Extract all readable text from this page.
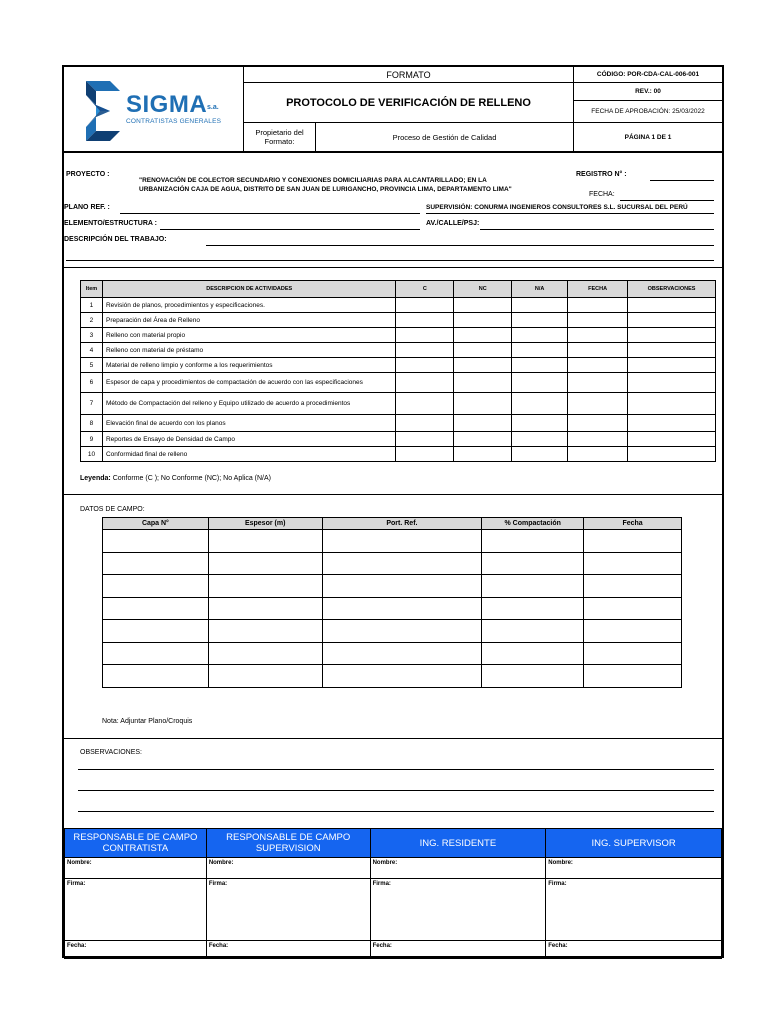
SIGMA s.a.
CONTRATISTAS GENERALES
FORMATO
PROTOCOLO DE VERIFICACIÓN DE RELLENO
Propietario del Formato:	Proceso de Gestión de Calidad
CÓDIGO: POR-CDA-CAL-006-001
REV.: 00
FECHA DE APROBACIÓN: 25/03/2022
PÁGINA 1 DE 1
PROYECTO :
"RENOVACIÓN DE COLECTOR SECUNDARIO Y CONEXIONES DOMICILIARIAS PARA ALCANTARILLADO; EN LA
URBANIZACIÓN CAJA DE AGUA, DISTRITO DE SAN JUAN DE LURIGANCHO, PROVINCIA LIMA, DEPARTAMENTO LIMA"
REGISTRO N° :
FECHA:
PLANO REF. :	SUPERVISIÓN: CONURMA INGENIEROS CONSULTORES S.L. SUCURSAL DEL PERÚ
ELEMENTO/ESTRUCTURA :	AV./CALLE/PSJ:
DESCRIPCIÓN DEL TRABAJO:
Item	DESCRIPCION DE ACTIVIDADES	C	NC	N/A	FECHA	OBSERVACIONES
1	Revisión de planos, procedimientos y especificaciones.					
2	Preparación del Área de Relleno					
3	Relleno con material propio					
4	Relleno con material de préstamo					
5	Material de relleno limpio y conforme a los requerimientos					
6	Espesor de capa y procedimientos de compactación de acuerdo con las especificaciones					
7	Método de Compactación del relleno y Equipo utilizado de acuerdo a procedimientos					
8	Elevación final de acuerdo con los planos					
9	Reportes de Ensayo de Densidad de Campo					
10	Conformidad final de relleno					
Leyenda: Conforme (C ); No Conforme (NC); No Aplica (N/A)
DATOS DE CAMPO:
Capa N°	Espesor (m)	Port. Ref.	% Compactación	Fecha

Nota: Adjuntar Plano/Croquis
OBSERVACIONES:
RESPONSABLE DE CAMPO CONTRATISTA	RESPONSABLE DE CAMPO SUPERVISION	ING. RESIDENTE	ING. SUPERVISOR
Nombre:	Nombre:	Nombre:	Nombre:
Firma:	Firma:	Firma:	Firma:
Fecha:	Fecha:	Fecha:	Fecha:
